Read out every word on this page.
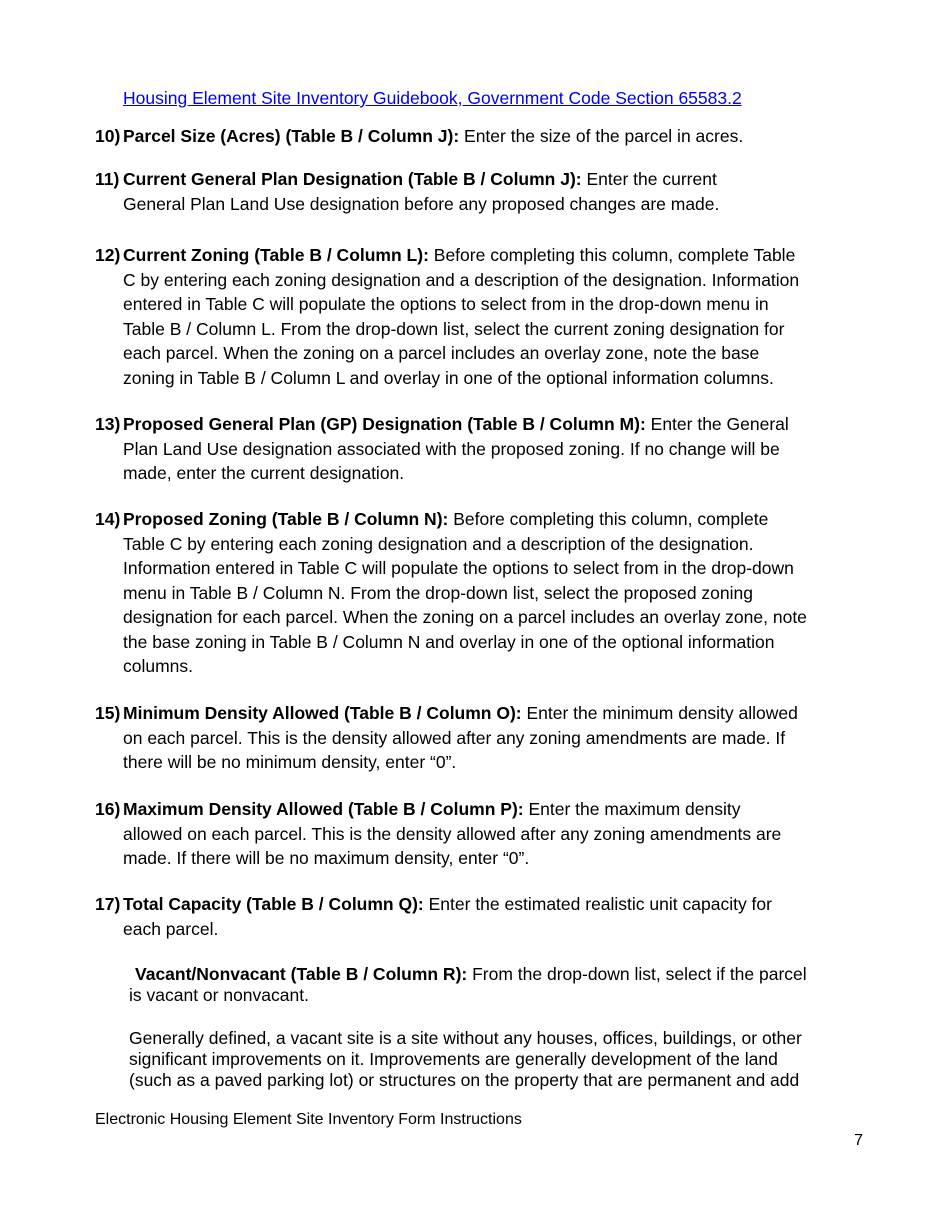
Housing Element Site Inventory Guidebook, Government Code Section 65583.2
10) Parcel Size (Acres) (Table B / Column J): Enter the size of the parcel in acres.
11) Current General Plan Designation (Table B / Column J): Enter the current
General Plan Land Use designation before any proposed changes are made.
12) Current Zoning (Table B / Column L): Before completing this column, complete Table
C by entering each zoning designation and a description of the designation. Information
entered in Table C will populate the options to select from in the drop-down menu in
Table B / Column L. From the drop-down list, select the current zoning designation for
each parcel. When the zoning on a parcel includes an overlay zone, note the base
zoning in Table B / Column L and overlay in one of the optional information columns.
13) Proposed General Plan (GP) Designation (Table B / Column M): Enter the General
Plan Land Use designation associated with the proposed zoning. If no change will be
made, enter the current designation.
14) Proposed Zoning (Table B / Column N): Before completing this column, complete
Table C by entering each zoning designation and a description of the designation.
Information entered in Table C will populate the options to select from in the drop-down
menu in Table B / Column N. From the drop-down list, select the proposed zoning
designation for each parcel. When the zoning on a parcel includes an overlay zone, note
the base zoning in Table B / Column N and overlay in one of the optional information
columns.
15) Minimum Density Allowed (Table B / Column O): Enter the minimum density allowed
on each parcel. This is the density allowed after any zoning amendments are made. If
there will be no minimum density, enter “0”.
16) Maximum Density Allowed (Table B / Column P): Enter the maximum density
allowed on each parcel. This is the density allowed after any zoning amendments are
made. If there will be no maximum density, enter “0”.
17) Total Capacity (Table B / Column Q): Enter the estimated realistic unit capacity for
each parcel.
Vacant/Nonvacant (Table B / Column R): From the drop-down list, select if the parcel
is vacant or nonvacant.
Generally defined, a vacant site is a site without any houses, offices, buildings, or other
significant improvements on it. Improvements are generally development of the land
(such as a paved parking lot) or structures on the property that are permanent and add
Electronic Housing Element Site Inventory Form Instructions
7
